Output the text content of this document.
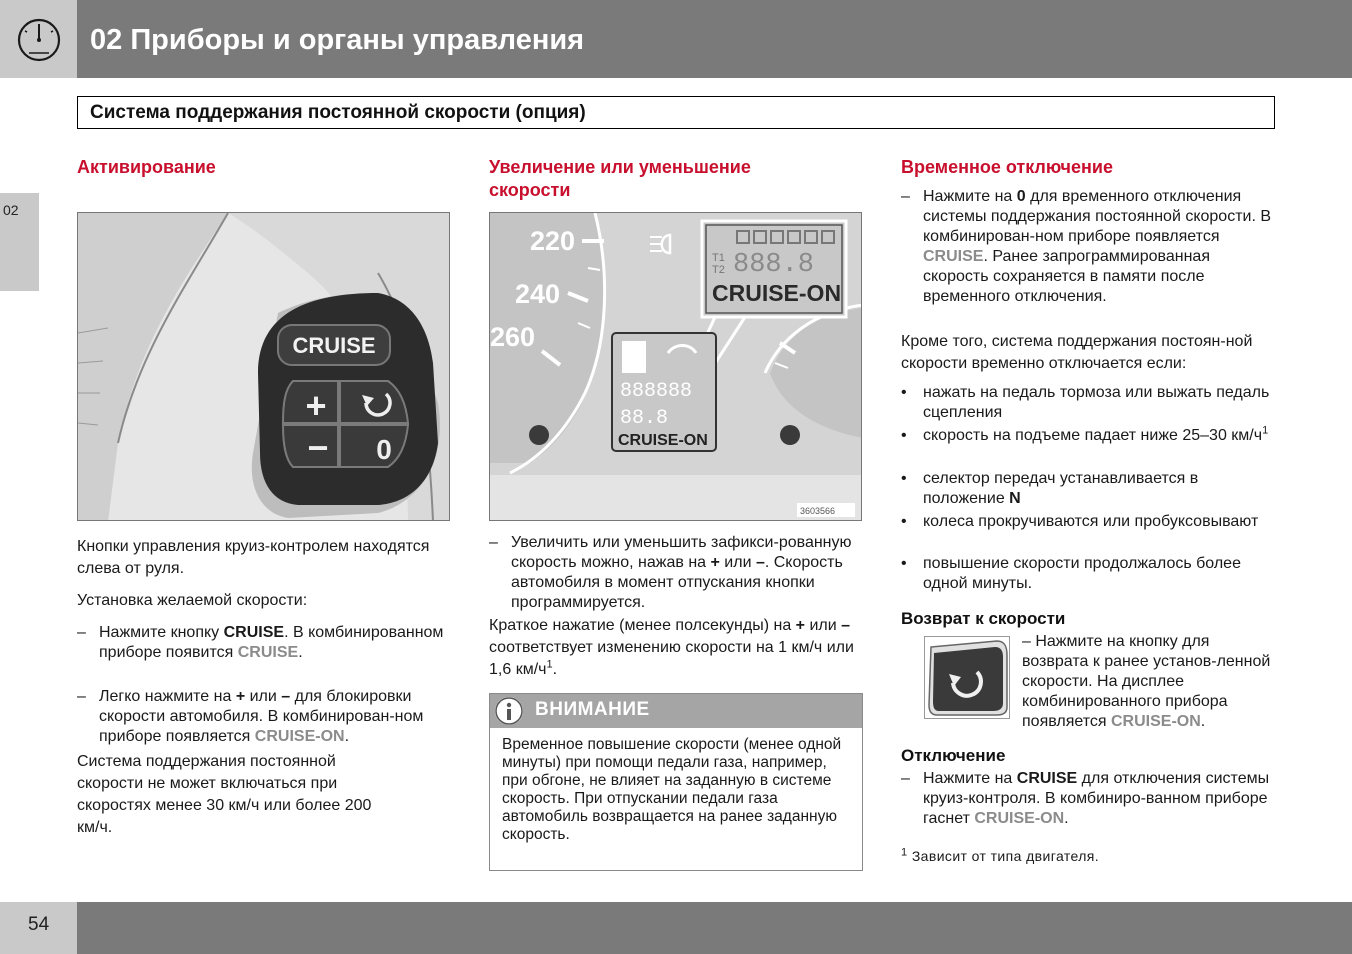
02 Приборы и органы управления
Система поддержания постоянной скорости (опция)
02
Активирование
CRUISE
+
− 0
Кнопки управления круиз-контролем находятся слева от руля.
Установка желаемой скорости:
– Нажмите кнопку CRUISE. В комбинированном приборе появится CRUISE.
– Легко нажмите на + или – для блокировки скорости автомобиля. В комбинирован-ном приборе появляется CRUISE-ON.
Система поддержания постоянной скорости не может включаться при скоростях менее 30 км/ч или более 200 км/ч.
Увеличение или уменьшение скорости
220
240
260
T1
T2 888.8
CRUISE-ON
888888
88.8
CRUISE-ON
3603566
– Увеличить или уменьшить зафикси-рованную скорость можно, нажав на + или –. Скорость автомобиля в момент отпускания кнопки программируется.
Краткое нажатие (менее полсекунды) на + или – соответствует изменению скорости на 1 км/ч или 1,6 $км/ч^1$.
ВНИМАНИЕ
Временное повышение скорости (менее одной минуты) при помощи педали газа, например, при обгоне, не влияет на заданную в системе скорость. При отпускании педали газа автомобиль возвращается на ранее заданную скорость.
Временное отключение
– Нажмите на 0 для временного отключения системы поддержания постоянной скорости. В комбинирован-ном приборе появляется CRUISE. Ранее запрограммированная скорость сохраняется в памяти после временного отключения.
Кроме того, система поддержания постоян-ной скорости временно отключается если:
•	нажать на педаль тормоза или выжать педаль сцепления
•	скорость на подъеме падает ниже 25–30 $км/ч^1$
•	селектор передач устанавливается в положение N
•	колеса прокручиваются или пробуксовывают
•	повышение скорости продолжалось более одной минуты.
Возврат к скорости
– Нажмите на кнопку для возврата к ранее установ-ленной скорости. На дисплее комбинированного прибора появляется CRUISE-ON.
Отключение
– Нажмите на CRUISE для отключения системы круиз-контроля. В комбиниро-ванном приборе гаснет CRUISE-ON.
$^1$ Зависит от типа двигателя.
54
